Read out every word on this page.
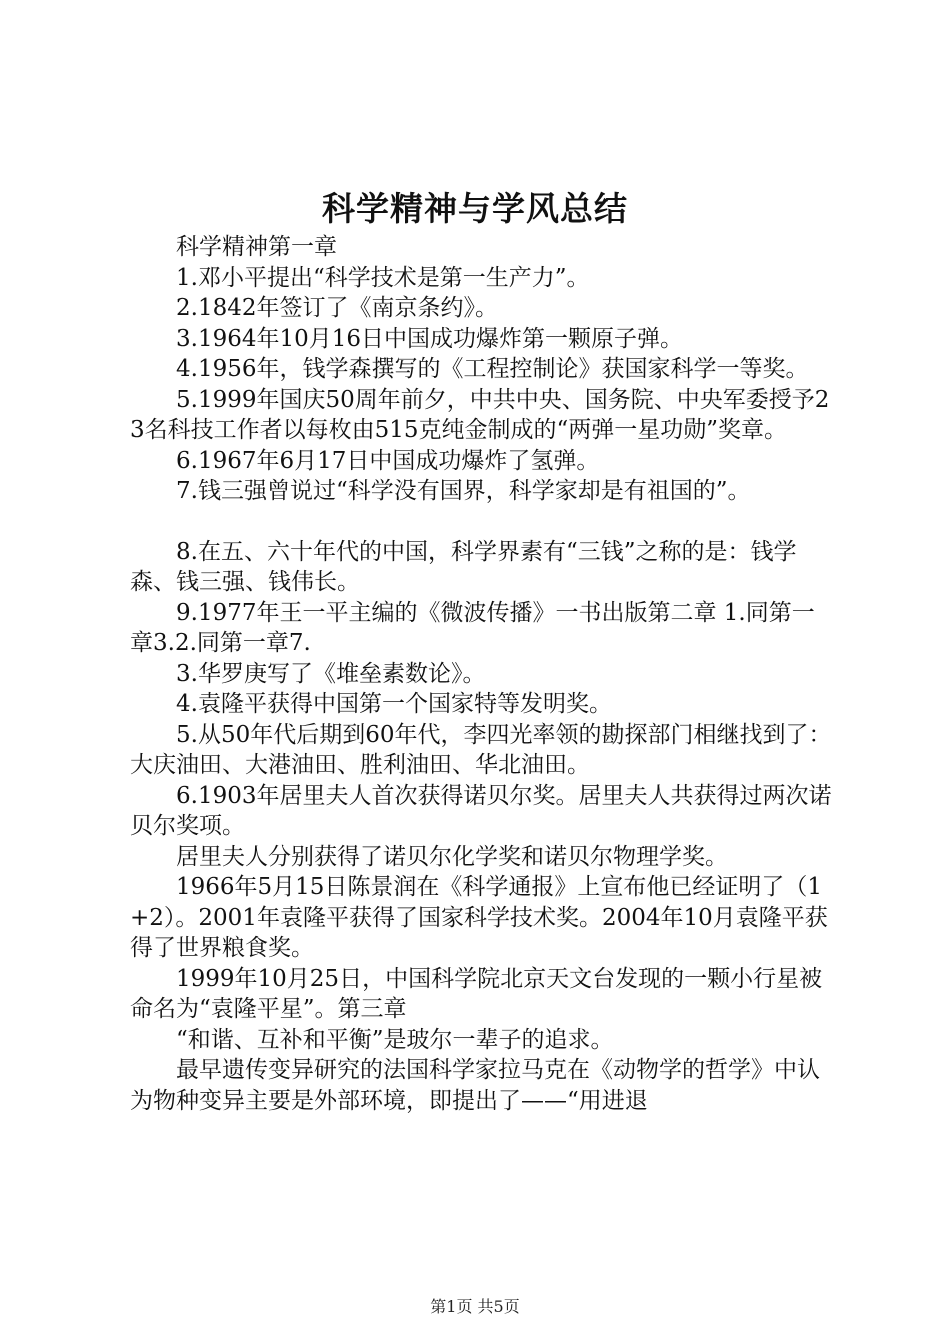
科学精神与学风总结

科学精神第一章

1.邓小平提出“科学技术是第一生产力”。

2.1842年签订了《南京条约》。

3.1964年10月16日中国成功爆炸第一颗原子弹。

4.1956年，钱学森撰写的《工程控制论》获国家科学一等奖。

5.1999年国庆50周年前夕，中共中央、国务院、中央军委授予23名科技工作者以每枚由515克纯金制成的“两弹一星功勋”奖章。

6.1967年6月17日中国成功爆炸了氢弹。

7.钱三强曾说过“科学没有国界，科学家却是有祖国的”。

8.在五、六十年代的中国，科学界素有“三钱”之称的是：钱学森、钱三强、钱伟长。

9.1977年王一平主编的《微波传播》一书出版第二章 1.同第一章3.2.同第一章7.

3.华罗庚写了《堆垒素数论》。

4.袁隆平获得中国第一个国家特等发明奖。

5.从50年代后期到60年代，李四光率领的勘探部门相继找到了：大庆油田、大港油田、胜利油田、华北油田。

6.1903年居里夫人首次获得诺贝尔奖。居里夫人共获得过两次诺贝尔奖项。

居里夫人分别获得了诺贝尔化学奖和诺贝尔物理学奖。

1966年5月15日陈景润在《科学通报》上宣布他已经证明了（1+2）。2001年袁隆平获得了国家科学技术奖。2004年10月袁隆平获得了世界粮食奖。

1999年10月25日，中国科学院北京天文台发现的一颗小行星被命名为“袁隆平星”。第三章

“和谐、互补和平衡”是玻尔一辈子的追求。

最早遗传变异研究的法国科学家拉马克在《动物学的哲学》中认为物种变异主要是外部环境，即提出了——“用进退

第1页 共5页
